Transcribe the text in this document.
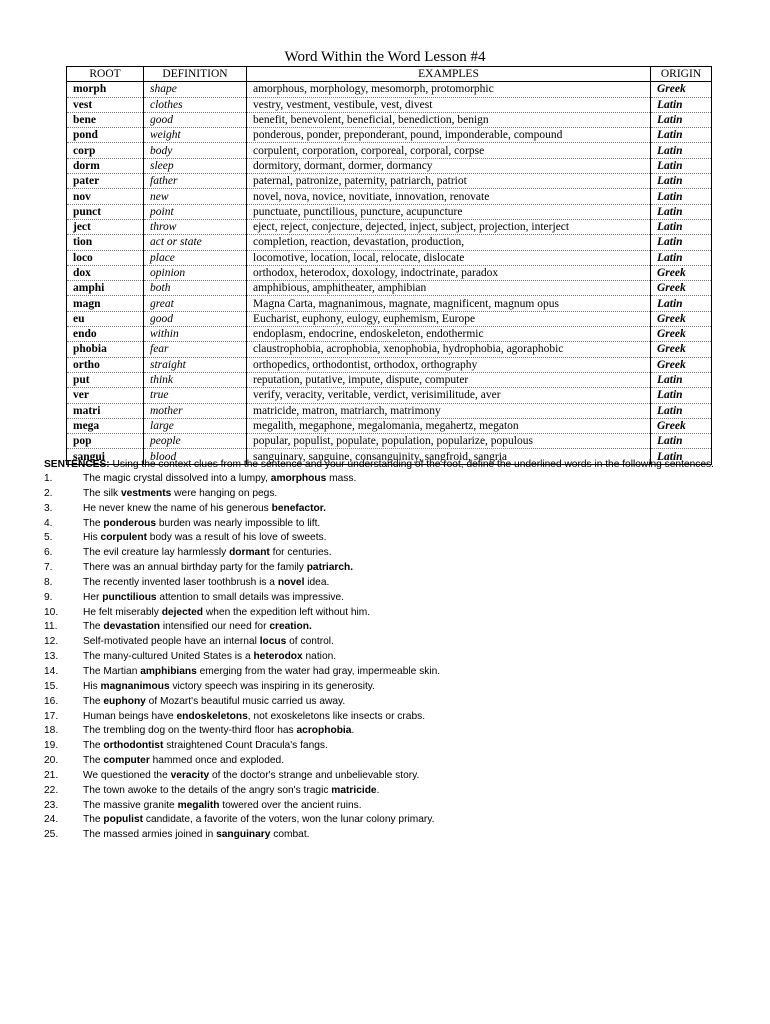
Word Within the Word Lesson #4
ROOT	DEFINITION	EXAMPLES	ORIGIN
morph	shape	amorphous, morphology, mesomorph, protomorphic	Greek
vest	clothes	vestry, vestment, vestibule, vest, divest	Latin
bene	good	benefit, benevolent, beneficial, benediction, benign	Latin
pond	weight	ponderous, ponder, preponderant, pound, imponderable, compound	Latin
corp	body	corpulent, corporation, corporeal, corporal, corpse	Latin
dorm	sleep	dormitory, dormant, dormer, dormancy	Latin
pater	father	paternal, patronize, paternity, patriarch, patriot	Latin
nov	new	novel, nova, novice, novitiate, innovation, renovate	Latin
punct	point	punctuate, punctilious, puncture, acupuncture	Latin
ject	throw	eject, reject, conjecture, dejected, inject, subject, projection, interject	Latin
tion	act or state	completion, reaction, devastation, production,	Latin
loco	place	locomotive, location, local, relocate, dislocate	Latin
dox	opinion	orthodox, heterodox, doxology, indoctrinate, paradox	Greek
amphi	both	amphibious, amphitheater, amphibian	Greek
magn	great	Magna Carta, magnanimous, magnate, magnificent, magnum opus	Latin
eu	good	Eucharist, euphony, eulogy, euphemism, Europe	Greek
endo	within	endoplasm, endocrine, endoskeleton, endothermic	Greek
phobia	fear	claustrophobia, acrophobia, xenophobia, hydrophobia, agoraphobic	Greek
ortho	straight	orthopedics, orthodontist, orthodox, orthography	Greek
put	think	reputation, putative, impute, dispute, computer	Latin
ver	true	verify, veracity, veritable, verdict, verisimilitude, aver	Latin
matri	mother	matricide, matron, matriarch, matrimony	Latin
mega	large	megalith, megaphone, megalomania, megahertz, megaton	Greek
pop	people	popular, populist, populate, population, popularize, populous	Latin
sangui	blood	sanguinary, sanguine, consanguinity, sangfroid, sangria	Latin
SENTENCES: Using the context clues from the sentence and your understanding of the root, define the underlined words in the following sentences.
1.	The magic crystal dissolved into a lumpy, amorphous mass.
2.	The silk vestments were hanging on pegs.
3.	He never knew the name of his generous benefactor.
4.	The ponderous burden was nearly impossible to lift.
5.	His corpulent body was a result of his love of sweets.
6.	The evil creature lay harmlessly dormant for centuries.
7.	There was an annual birthday party for the family patriarch.
8.	The recently invented laser toothbrush is a novel idea.
9.	Her punctilious attention to small details was impressive.
10.	He felt miserably dejected when the expedition left without him.
11.	The devastation intensified our need for creation.
12.	Self-motivated people have an internal locus of control.
13.	The many-cultured United States is a heterodox nation.
14.	The Martian amphibians emerging from the water had gray, impermeable skin.
15.	His magnanimous victory speech was inspiring in its generosity.
16.	The euphony of Mozart's beautiful music carried us away.
17.	Human beings have endoskeletons, not exoskeletons like insects or crabs.
18.	The trembling dog on the twenty-third floor has acrophobia.
19.	The orthodontist straightened Count Dracula's fangs.
20.	The computer hammed once and exploded.
21.	We questioned the veracity of the doctor's strange and unbelievable story.
22.	The town awoke to the details of the angry son's tragic matricide.
23.	The massive granite megalith towered over the ancient ruins.
24.	The populist candidate, a favorite of the voters, won the lunar colony primary.
25.	The massed armies joined in sanguinary combat.
